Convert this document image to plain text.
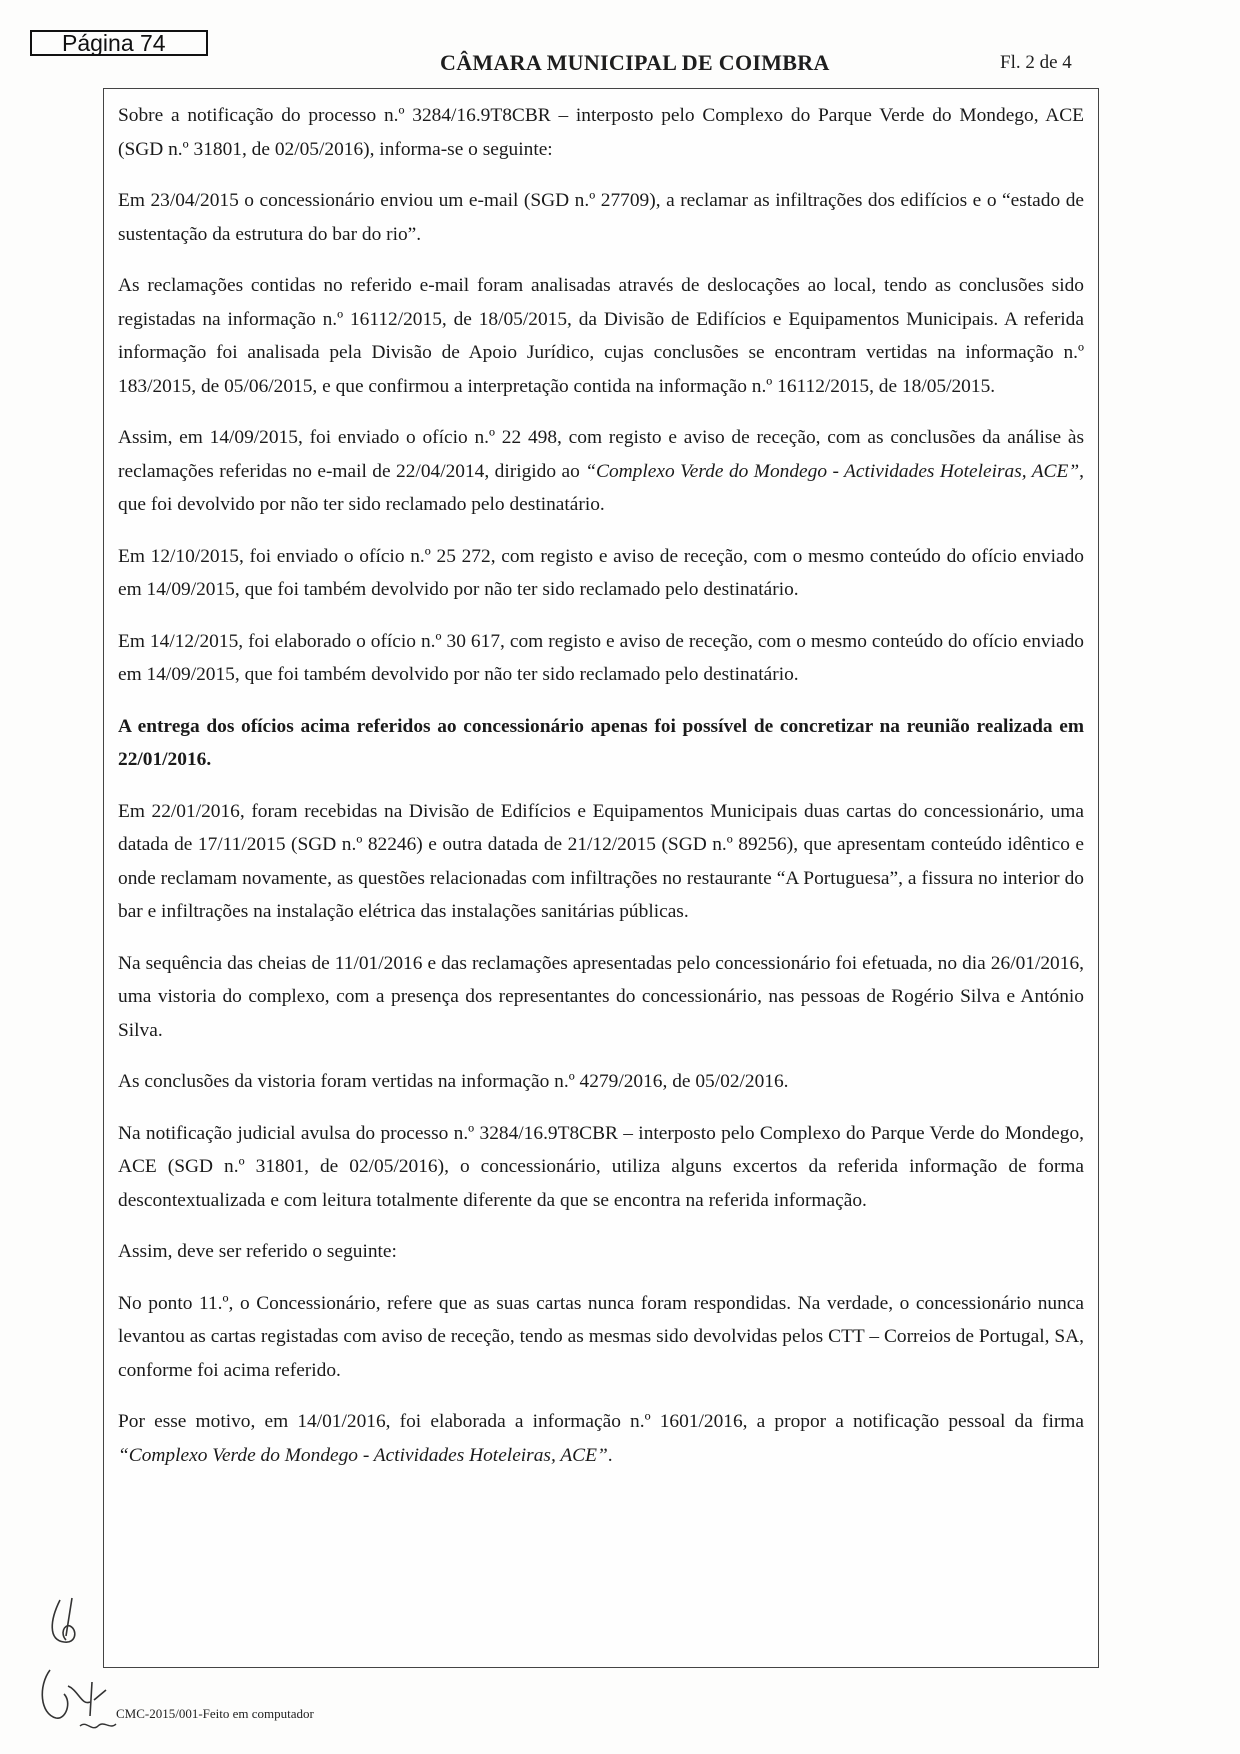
Página 74
CÂMARA MUNICIPAL DE COIMBRA	Fl. 2 de 4

Sobre a notificação do processo n.º 3284/16.9T8CBR – interposto pelo Complexo do Parque Verde do Mondego, ACE (SGD n.º 31801, de 02/05/2016), informa-se o seguinte:

Em 23/04/2015 o concessionário enviou um e-mail (SGD n.º 27709), a reclamar as infiltrações dos edifícios e o “estado de sustentação da estrutura do bar do rio”.

As reclamações contidas no referido e-mail foram analisadas através de deslocações ao local, tendo as conclusões sido registadas na informação n.º 16112/2015, de 18/05/2015, da Divisão de Edifícios e Equipamentos Municipais. A referida informação foi analisada pela Divisão de Apoio Jurídico, cujas conclusões se encontram vertidas na informação n.º 183/2015, de 05/06/2015, e que confirmou a interpretação contida na informação n.º 16112/2015, de 18/05/2015.

Assim, em 14/09/2015, foi enviado o ofício n.º 22 498, com registo e aviso de receção, com as conclusões da análise às reclamações referidas no e-mail de 22/04/2014, dirigido ao “Complexo Verde do Mondego - Actividades Hoteleiras, ACE”, que foi devolvido por não ter sido reclamado pelo destinatário.

Em 12/10/2015, foi enviado o ofício n.º 25 272, com registo e aviso de receção, com o mesmo conteúdo do ofício enviado em 14/09/2015, que foi também devolvido por não ter sido reclamado pelo destinatário.

Em 14/12/2015, foi elaborado o ofício n.º 30 617, com registo e aviso de receção, com o mesmo conteúdo do ofício enviado em 14/09/2015, que foi também devolvido por não ter sido reclamado pelo destinatário.

A entrega dos ofícios acima referidos ao concessionário apenas foi possível de concretizar na reunião realizada em 22/01/2016.

Em 22/01/2016, foram recebidas na Divisão de Edifícios e Equipamentos Municipais duas cartas do concessionário, uma datada de 17/11/2015 (SGD n.º 82246) e outra datada de 21/12/2015 (SGD n.º 89256), que apresentam conteúdo idêntico e onde reclamam novamente, as questões relacionadas com infiltrações no restaurante “A Portuguesa”, a fissura no interior do bar e infiltrações na instalação elétrica das instalações sanitárias públicas.

Na sequência das cheias de 11/01/2016 e das reclamações apresentadas pelo concessionário foi efetuada, no dia 26/01/2016, uma vistoria do complexo, com a presença dos representantes do concessionário, nas pessoas de Rogério Silva e António Silva.

As conclusões da vistoria foram vertidas na informação n.º 4279/2016, de 05/02/2016.

Na notificação judicial avulsa do processo n.º 3284/16.9T8CBR – interposto pelo Complexo do Parque Verde do Mondego, ACE (SGD n.º 31801, de 02/05/2016), o concessionário, utiliza alguns excertos da referida informação de forma descontextualizada e com leitura totalmente diferente da que se encontra na referida informação.

Assim, deve ser referido o seguinte:

No ponto 11.º, o Concessionário, refere que as suas cartas nunca foram respondidas. Na verdade, o concessionário nunca levantou as cartas registadas com aviso de receção, tendo as mesmas sido devolvidas pelos CTT – Correios de Portugal, SA, conforme foi acima referido.

Por esse motivo, em 14/01/2016, foi elaborada a informação n.º 1601/2016, a propor a notificação pessoal da firma “Complexo Verde do Mondego - Actividades Hoteleiras, ACE”.

CMC-2015/001-Feito em computador
